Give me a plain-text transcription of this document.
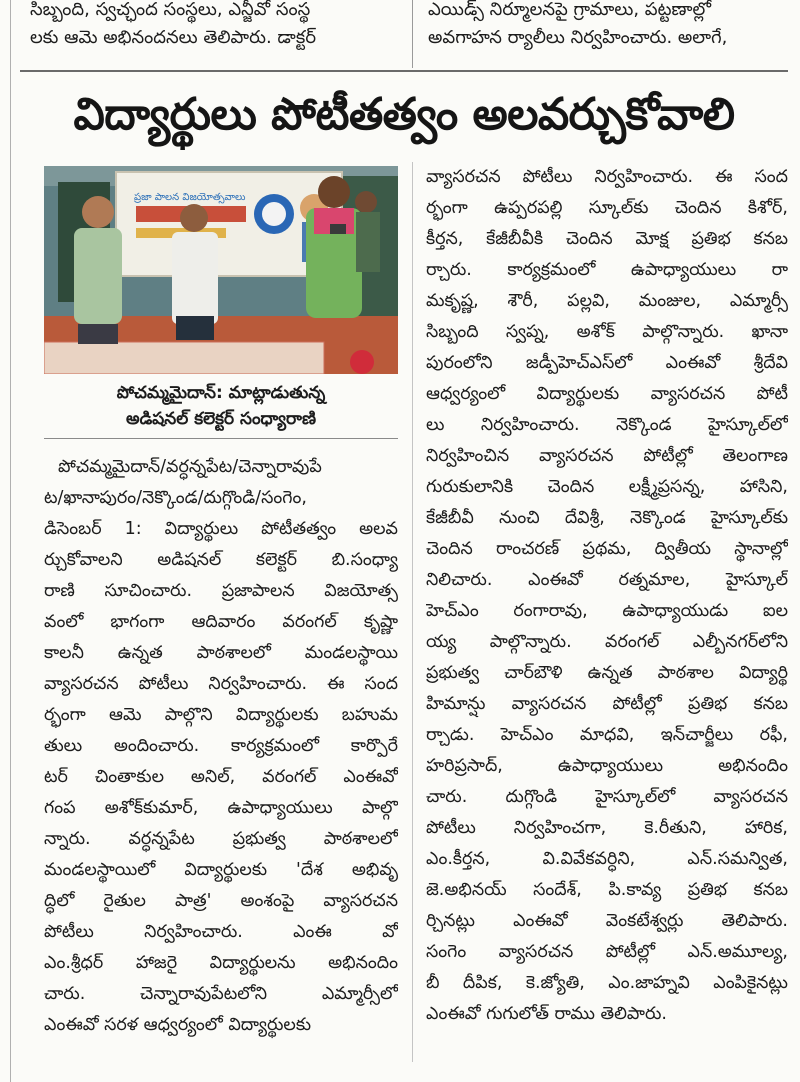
సిబ్బంది, స్వచ్ఛంద సంస్థలు, ఎన్జీవో సంస్థ
లకు ఆమె అభినందనలు తెలిపారు. డాక్టర్
ఎయిడ్స్ నిర్మూలనపై గ్రామాలు, పట్టణాల్లో
అవగాహన ర్యాలీలు నిర్వహించారు. అలాగే,
విద్యార్థులు పోటీతత్వం అలవర్చుకోవాలి
ప్రజా పాలన విజయోత్సవాలు
పోచమ్మమైదాన్: మాట్లాడుతున్న
అడిషనల్ కలెక్టర్ సంధ్యారాణి
పోచమ్మమైదాన్/వర్ధన్నపేట/చెన్నారావుపే
ట/ఖానాపురం/నెక్కొండ/దుగ్గొండి/సంగెం,
డిసెంబర్ 1: విద్యార్థులు పోటీతత్వం అలవ
ర్చుకోవాలని అడిషనల్ కలెక్టర్ బి.సంధ్యా
రాణి సూచించారు. ప్రజాపాలన విజయోత్స
వంలో భాగంగా ఆదివారం వరంగల్ కృష్ణా
కాలనీ ఉన్నత పాఠశాలలో మండలస్థాయి
వ్యాసరచన పోటీలు నిర్వహించారు. ఈ సంద
ర్భంగా ఆమె పాల్గొని విద్యార్థులకు బహుమ
తులు అందించారు. కార్యక్రమంలో కార్పొరే
టర్ చింతాకుల అనిల్, వరంగల్ ఎంఈవో
గంప అశోక్‌కుమార్, ఉపాధ్యాయులు పాల్గొ
న్నారు. వర్ధన్నపేట ప్రభుత్వ పాఠశాలలో
మండలస్థాయిలో విద్యార్థులకు 'దేశ అభివృ
ద్ధిలో రైతుల పాత్ర' అంశంపై వ్యాసరచన
పోటీలు నిర్వహించారు. ఎంఈ వో
ఎం.శ్రీధర్ హాజరై విద్యార్థులను అభినందిం
చారు. చెన్నారావుపేటలోని ఎమ్మార్సీలో
ఎంఈవో సరళ ఆధ్వర్యంలో విద్యార్థులకు
వ్యాసరచన పోటీలు నిర్వహించారు. ఈ సంద
ర్భంగా ఉప్పరపల్లి స్కూల్‌కు చెందిన కిశోర్,
కీర్తన, కేజీబీవీకి చెందిన మోక్ష ప్రతిభ కనబ
ర్చారు. కార్యక్రమంలో ఉపాధ్యాయులు రా
మకృష్ణ, శౌరీ, పల్లవి, మంజుల, ఎమ్మార్సీ
సిబ్బంది స్వప్న, అశోక్ పాల్గొన్నారు. ఖానా
పురంలోని జడ్పీహెచ్ఎస్‌లో ఎంఈవో శ్రీదేవి
ఆధ్వర్యంలో విద్యార్థులకు వ్యాసరచన పోటీ
లు నిర్వహించారు. నెక్కొండ హైస్కూల్‌లో
నిర్వహించిన వ్యాసరచన పోటీల్లో తెలంగాణ
గురుకులానికి చెందిన లక్ష్మీప్రసన్న, హాసిని,
కేజీబీవీ నుంచి దేవిశ్రీ, నెక్కొండ హైస్కూల్‌కు
చెందిన రాంచరణ్ ప్రథమ, ద్వితీయ స్థానాల్లో
నిలిచారు. ఎంఈవో రత్నమాల, హైస్కూల్
హెచ్ఎం రంగారావు, ఉపాధ్యాయుడు ఐల
య్య పాల్గొన్నారు. వరంగల్ ఎల్బీనగర్‌లోని
ప్రభుత్వ చార్‌బౌళి ఉన్నత పాఠశాల విద్యార్థి
హిమాన్షు వ్యాసరచన పోటీల్లో ప్రతిభ కనబ
ర్చాడు. హెచ్ఎం మాధవి, ఇన్‌చార్జీలు రఫీ,
హరిప్రసాద్, ఉపాధ్యాయులు అభినందిం
చారు. దుగ్గొండి హైస్కూల్‌లో వ్యాసరచన
పోటీలు నిర్వహించగా, కె.రీతుని, హారిక,
ఎం.కీర్తన, వి.వివేకవర్ధిని, ఎన్.సమన్విత,
జె.అభినయ్ సందేశ్, పి.కావ్య ప్రతిభ కనబ
ర్చినట్లు ఎంఈవో వెంకటేశ్వర్లు తెలిపారు.
సంగెం వ్యాసరచన పోటీల్లో ఎన్.అమూల్య,
బీ దీపిక, కె.జ్యోతి, ఎం.జాహ్నవి ఎంపికైనట్లు
ఎంఈవో గుగులోత్ రాము తెలిపారు.
